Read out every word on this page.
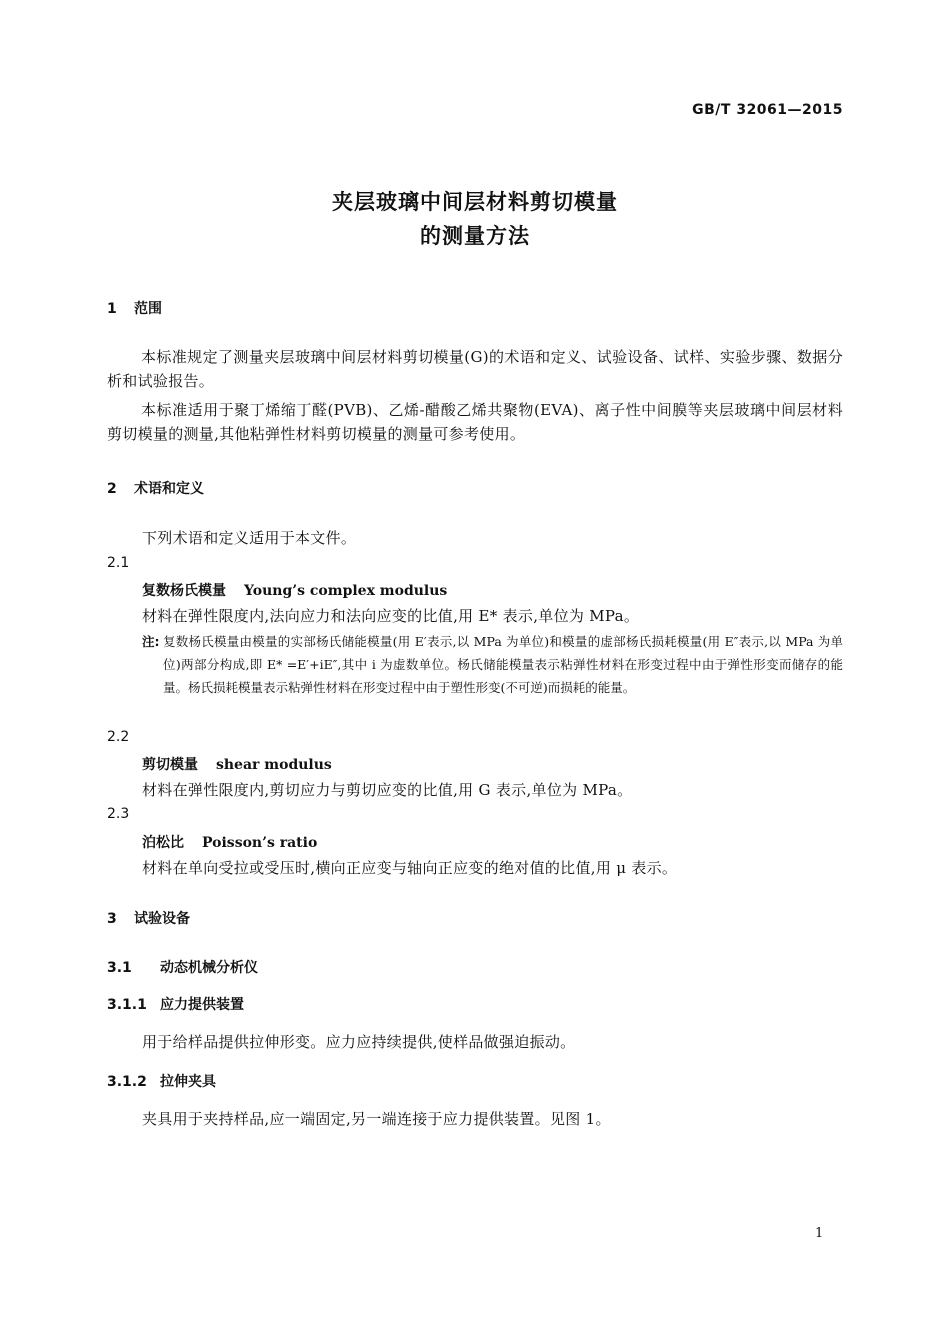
GB/T 32061—2015
夹层玻璃中间层材料剪切模量
的测量方法
1 范围
本标准规定了测量夹层玻璃中间层材料剪切模量(G)的术语和定义、试验设备、试样、实验步骤、数据分析和试验报告。
本标准适用于聚丁烯缩丁醛(PVB)、乙烯-醋酸乙烯共聚物(EVA)、离子性中间膜等夹层玻璃中间层材料剪切模量的测量,其他粘弹性材料剪切模量的测量可参考使用。
2 术语和定义
下列术语和定义适用于本文件。
2.1
复数杨氏模量 Young’s complex modulus
材料在弹性限度内,法向应力和法向应变的比值,用 E* 表示,单位为 MPa。
注: 复数杨氏模量由模量的实部杨氏储能模量(用 E′表示,以 MPa 为单位)和模量的虚部杨氏损耗模量(用 E″表示,以 MPa 为单位)两部分构成,即 E* =E′+iE″,其中 i 为虚数单位。杨氏储能模量表示粘弹性材料在形变过程中由于弹性形变而储存的能量。杨氏损耗模量表示粘弹性材料在形变过程中由于塑性形变(不可逆)而损耗的能量。
2.2
剪切模量 shear modulus
材料在弹性限度内,剪切应力与剪切应变的比值,用 G 表示,单位为 MPa。
2.3
泊松比 Poisson’s ratio
材料在单向受拉或受压时,横向正应变与轴向正应变的绝对值的比值,用 μ 表示。
3 试验设备
3.1 动态机械分析仪
3.1.1 应力提供装置
用于给样品提供拉伸形变。应力应持续提供,使样品做强迫振动。
3.1.2 拉伸夹具
夹具用于夹持样品,应一端固定,另一端连接于应力提供装置。见图 1。
1
